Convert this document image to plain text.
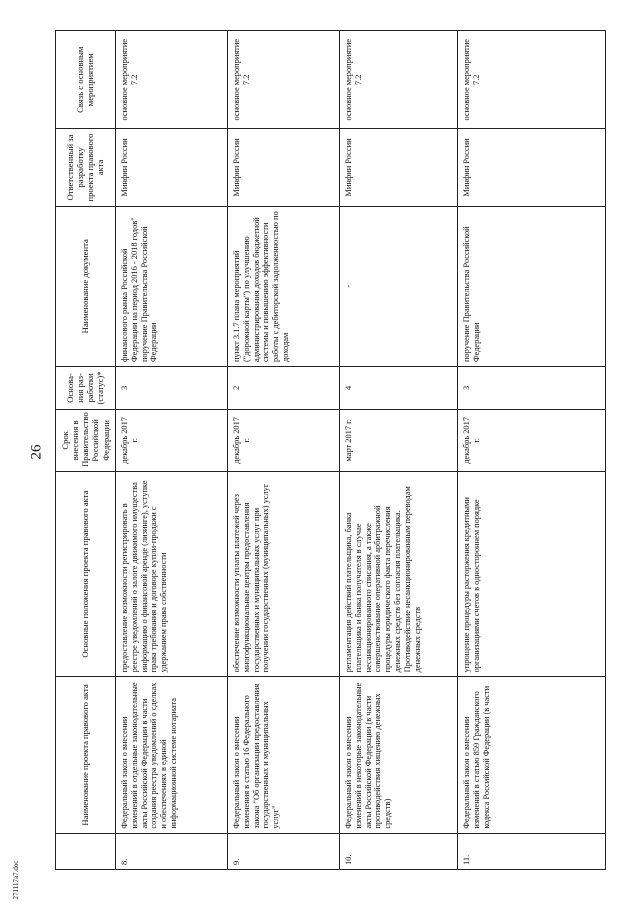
26
	Наименование проекта правового акта	Основные положения проекта правового акта	Срок внесения в Правительство Российской Федерации	Основа-ния раз-работки (статус)*	Наименование документа	Ответственный за разработку проекта правового акта	Связь с основным мероприятием
8.	Федеральный закон о внесении изменений в отдельные законодательные акты Российской Федерации в части создания реестра уведомлений о сделках и обеспечениях в единой информационной системе нотариата	предоставление возможности регистрировать в реестре уведомлений о залоге движимого имущества информацию о финансовой аренде (лизинге), уступке права требования и договоре купли-продажи с удержанием права собственности	декабрь 2017 г.	3	финансового рынка Российской Федерации на период 2016 - 2018 годов" поручение Правительства Российской Федерации	Минфин России	основное мероприятие 7.2
9.	Федеральный закон о внесении изменения в статью 16 Федерального закона "Об организации предоставления государственных и муниципальных услуг"	обеспечение возможности уплаты платежей через многофункциональные центры предоставления государственных и муниципальных услуг при получении государственных (муниципальных) услуг	декабрь 2017 г.	2	пункт 3.1.7 плана мероприятий ("дорожной карты") по улучшению администрирования доходов бюджетной системы и повышению эффективности работы с дебиторской задолженностью по доходам	Минфин России	основное мероприятие 7.2
10.	Федеральный закон о внесении изменений в некоторые законодательные акты Российской Федерации (в части противодействия хищению денежных средств)	регламентация действий плательщика, банка плательщика и банка получателя в случае несанкционированного списания, а также совершенствование оперативной арбитражной процедуры юридического факта перечисления денежных средств без согласия плательщика. Противодействие несанкционированным переводам денежных средств	март 2017 г.	4	-	Минфин России	основное мероприятие 7.2
11.	Федеральный закон о внесении изменений в статью 859 Гражданского кодекса Российской Федерации (в части	упрощение процедуры расторжения кредитными организациями счетов в одностороннем порядке	декабрь 2017 г.	3	поручение Правительства Российской Федерации	Минфин России	основное мероприятие 7.2
271117a7.doc
